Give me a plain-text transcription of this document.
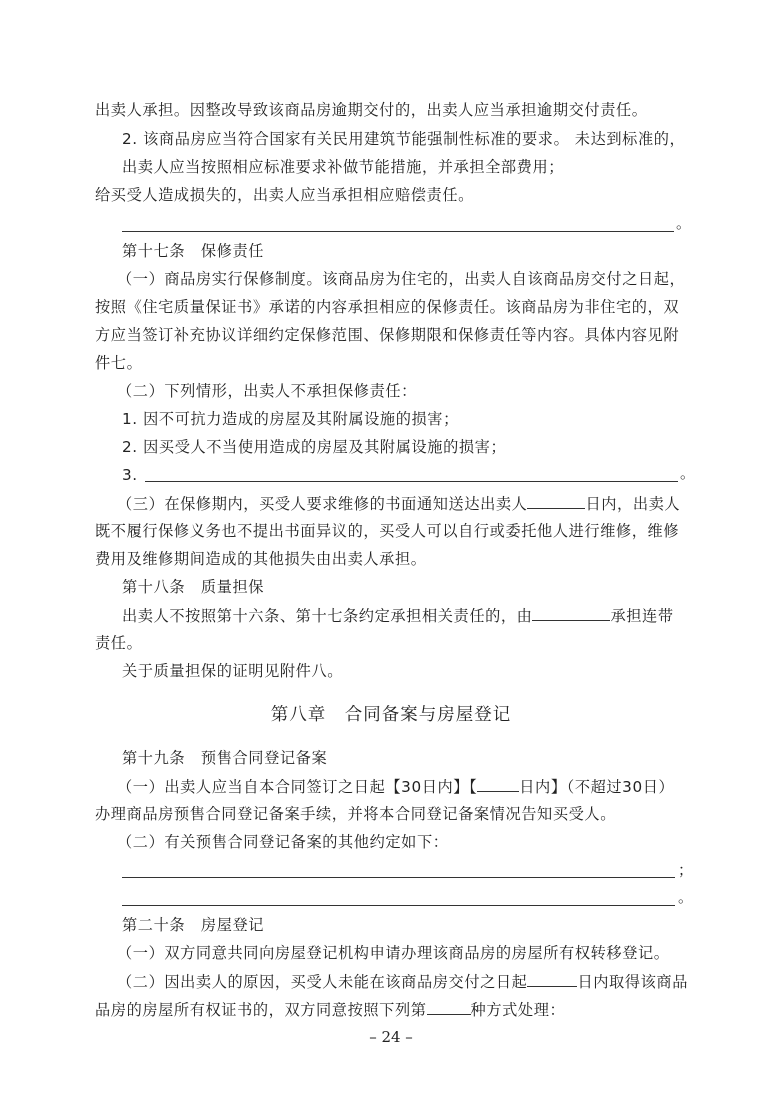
出卖人承担。因整改导致该商品房逾期交付的，出卖人应当承担逾期交付责任。
2. 该商品房应当符合国家有关民用建筑节能强制性标准的要求。 未达到标准的，
出卖人应当按照相应标准要求补做节能措施，并承担全部费用；
给买受人造成损失的，出卖人应当承担相应赔偿责任。
。
第十七条　保修责任
（一）商品房实行保修制度。该商品房为住宅的，出卖人自该商品房交付之日起，
按照《住宅质量保证书》承诺的内容承担相应的保修责任。该商品房为非住宅的，双
方应当签订补充协议详细约定保修范围、保修期限和保修责任等内容。具体内容见附
件七。
（二）下列情形，出卖人不承担保修责任：
1. 因不可抗力造成的房屋及其附属设施的损害；
2. 因买受人不当使用造成的房屋及其附属设施的损害；
3.	。
（三）在保修期内，买受人要求维修的书面通知送达出卖人	日内，出卖人
既不履行保修义务也不提出书面异议的，买受人可以自行或委托他人进行维修，维修
费用及维修期间造成的其他损失由出卖人承担。
第十八条　质量担保
出卖人不按照第十六条、第十七条约定承担相关责任的，由	承担连带
责任。
关于质量担保的证明见附件八。
第八章　合同备案与房屋登记
第十九条　预售合同登记备案
（一）出卖人应当自本合同签订之日起【30日内】【	日内】（不超过30日）
办理商品房预售合同登记备案手续，并将本合同登记备案情况告知买受人。
（二）有关预售合同登记备案的其他约定如下：
；
。
第二十条　房屋登记
（一）双方同意共同向房屋登记机构申请办理该商品房的房屋所有权转移登记。
（二）因出卖人的原因，买受人未能在该商品房交付之日起	日内取得该商品
品房的房屋所有权证书的，双方同意按照下列第	种方式处理：
– 24 –
